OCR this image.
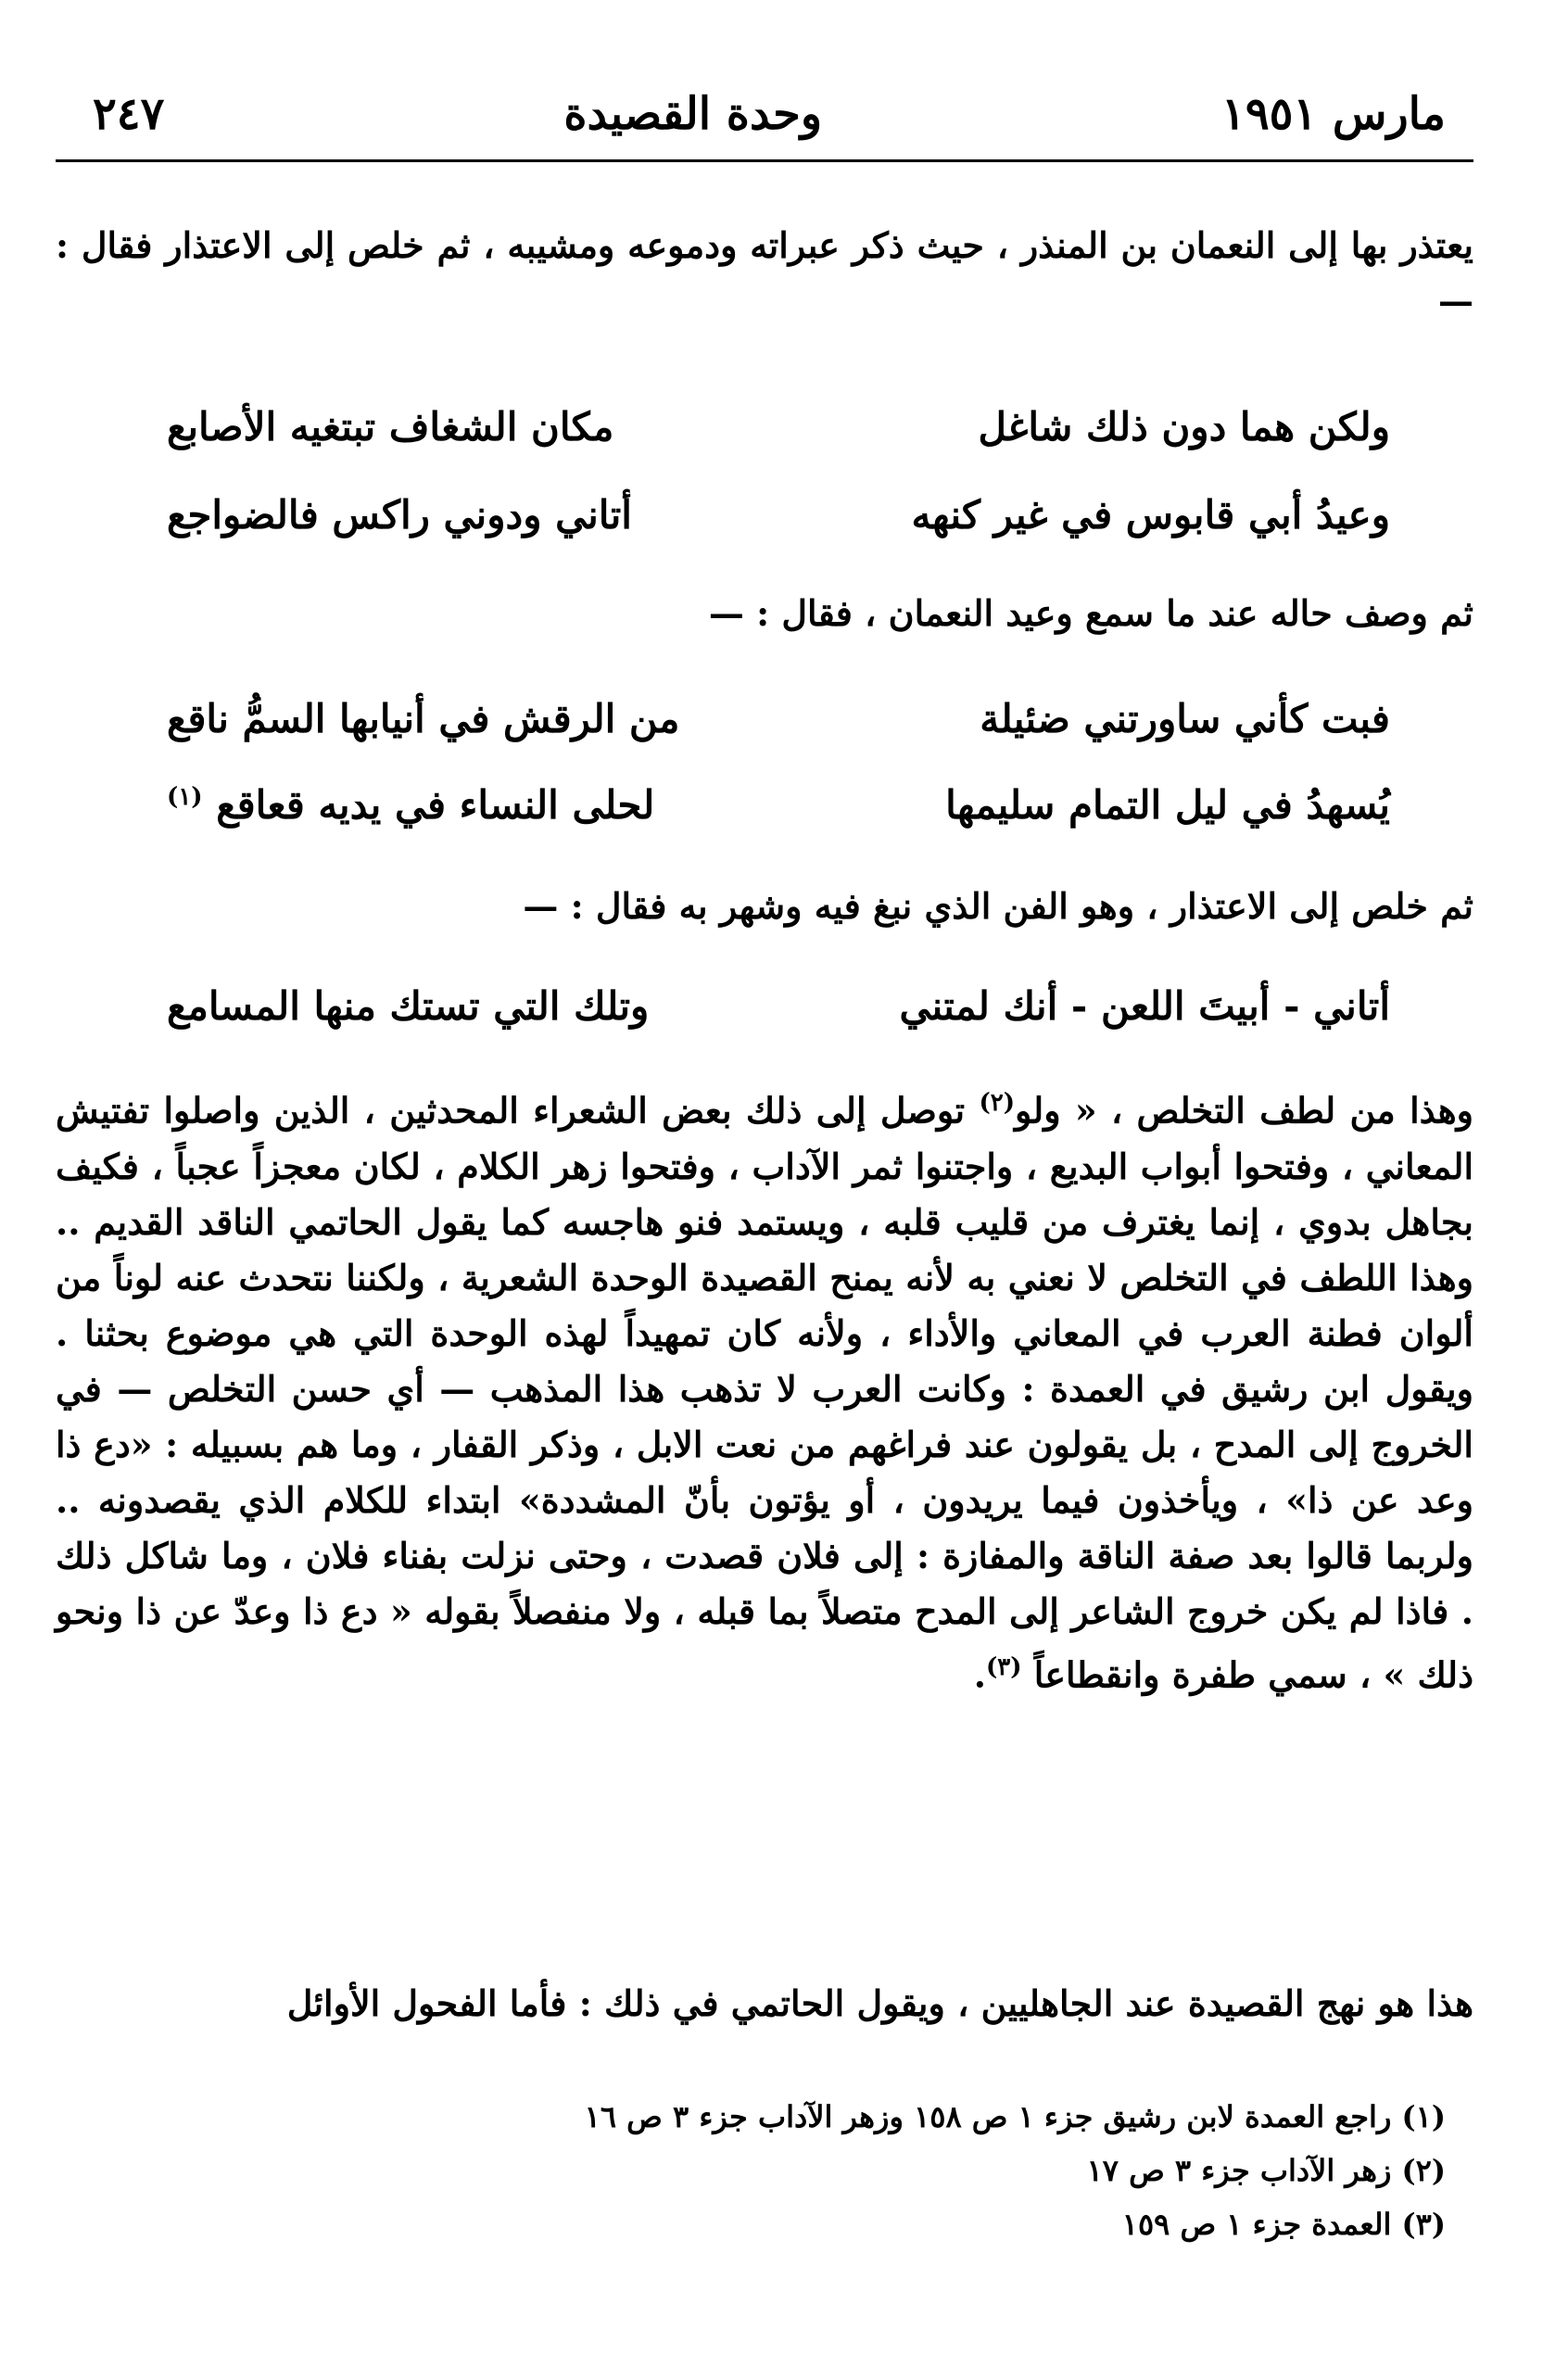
مارس ١٩٥١
وحدة القصيدة
٢٤٧
يعتذر بها إلى النعمان بن المنذر ، حيث ذكر عبراته ودموعه ومشيبه ، ثم خلص إلى الاعتذار فقال : —
ولكن هما دون ذلك شاغل
مكان الشغاف تبتغيه الأصابع
وعيدُ أبي قابوس في غير كنهه
أتاني ودوني راكس فالضواجع
ثم وصف حاله عند ما سمع وعيد النعمان ، فقال : —
فبت كأني ساورتني ضئيلة
من الرقش في أنيابها السمُّ ناقع
يُسهدُ في ليل التمام سليمها
لحلى النساء في يديه قعاقع $^{(١)}$
ثم خلص إلى الاعتذار ، وهو الفن الذي نبغ فيه وشهر به فقال : —
أتاني - أبيتَ اللعن - أنك لمتني
وتلك التي تستك منها المسامع
وهذا من لطف التخلص ، « ولو$^{(٢)}$ توصل إلى ذلك بعض الشعراء المحدثين ، الذين واصلوا تفتيش المعاني ، وفتحوا أبواب البديع ، واجتنوا ثمر الآداب ، وفتحوا زهر الكلام ، لكان معجزاً عجباً ، فكيف بجاهل بدوي ، إنما يغترف من قليب قلبه ، ويستمد فنو هاجسه كما يقول الحاتمي الناقد القديم .. وهذا اللطف في التخلص لا نعني به لأنه يمنح القصيدة الوحدة الشعرية ، ولكننا نتحدث عنه لوناً من ألوان فطنة العرب في المعاني والأداء ، ولأنه كان تمهيداً لهذه الوحدة التي هي موضوع بحثنا . ويقول ابن رشيق في العمدة : وكانت العرب لا تذهب هذا المذهب — أي حسن التخلص — في الخروج إلى المدح ، بل يقولون عند فراغهم من نعت الابل ، وذكر القفار ، وما هم بسبيله : «دع ذا وعد عن ذا» ، ويأخذون فيما يريدون ، أو يؤتون بأنّ المشددة» ابتداء للكلام الذي يقصدونه .. ولربما قالوا بعد صفة الناقة والمفازة : إلى فلان قصدت ، وحتى نزلت بفناء فلان ، وما شاكل ذلك . فاذا لم يكن خروج الشاعر إلى المدح متصلاً بما قبله ، ولا منفصلاً بقوله « دع ذا وعدّ عن ذا ونحو ذلك » ، سمي طفرة وانقطاعاً $^{(٣)}$.
هذا هو نهج القصيدة عند الجاهليين ، ويقول الحاتمي في ذلك : فأما الفحول الأوائل
(١) راجع العمدة لابن رشيق جزء ١ ص ١٥٨ وزهر الآداب جزء ٣ ص ١٦
(٢) زهر الآداب جزء ٣ ص ١٧
(٣) العمدة جزء ١ ص ١٥٩
